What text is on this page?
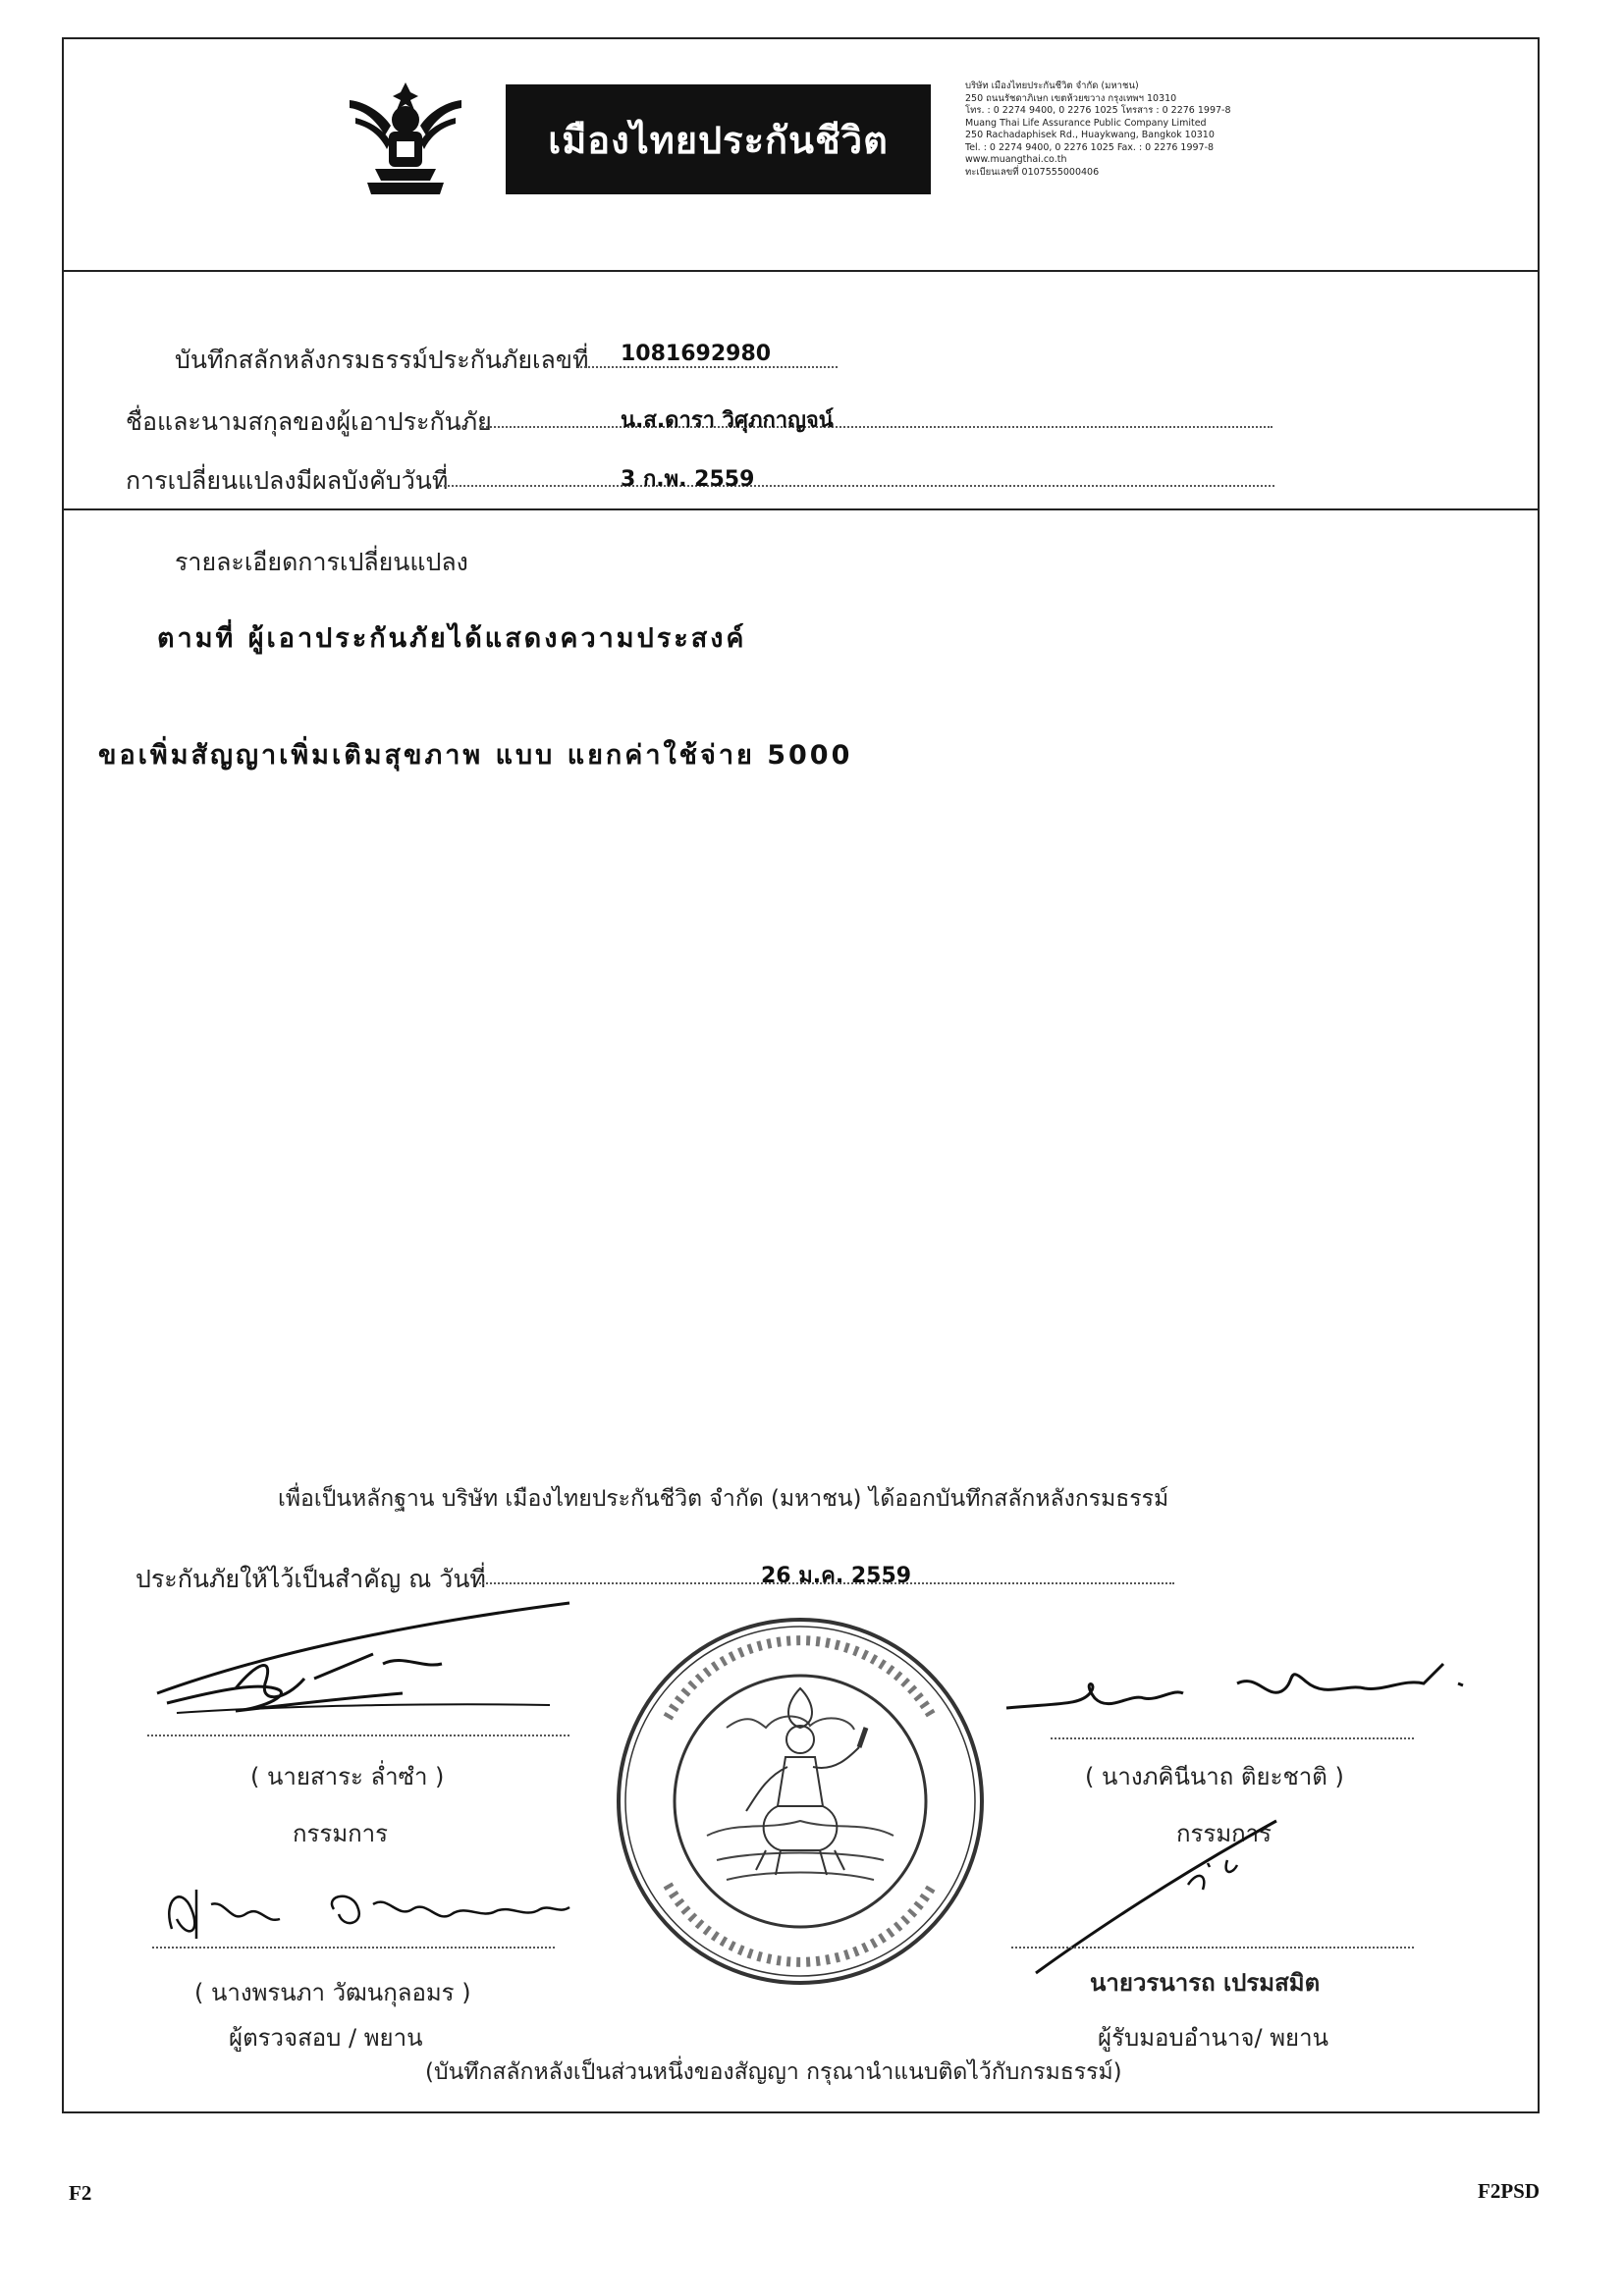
เมืองไทยประกันชีวิต
บริษัท เมืองไทยประกันชีวิต จำกัด (มหาชน)
250 ถนนรัชดาภิเษก เขตห้วยขวาง กรุงเทพฯ 10310
โทร. : 0 2274 9400, 0 2276 1025 โทรสาร : 0 2276 1997-8
Muang Thai Life Assurance Public Company Limited
250 Rachadaphisek Rd., Huaykwang, Bangkok 10310
Tel. : 0 2274 9400, 0 2276 1025 Fax. : 0 2276 1997-8
www.muangthai.co.th
ทะเบียนเลขที่ 0107555000406
บันทึกสลักหลังกรมธรรม์ประกันภัยเลขที่ 1081692980
ชื่อและนามสกุลของผู้เอาประกันภัย	น.ส.ดารา วิศุภกาญจน์
การเปลี่ยนแปลงมีผลบังคับวันที่	3 ก.พ. 2559
รายละเอียดการเปลี่ยนแปลง
ตามที่ ผู้เอาประกันภัยได้แสดงความประสงค์
ขอเพิ่มสัญญาเพิ่มเติมสุขภาพ แบบ แยกค่าใช้จ่าย 5000
เพื่อเป็นหลักฐาน บริษัท เมืองไทยประกันชีวิต จำกัด (มหาชน) ได้ออกบันทึกสลักหลังกรมธรรม์
ประกันภัยให้ไว้เป็นสำคัญ ณ วันที่	26 ม.ค. 2559
( นายสาระ ล่ำซำ )
กรรมการ
( นางภคินีนาถ ติยะชาติ )
กรรมการ
( นางพรนภา วัฒนกุลอมร )
ผู้ตรวจสอบ / พยาน
นายวรนารถ เปรมสมิต
ผู้รับมอบอำนาจ/ พยาน
(บันทึกสลักหลังเป็นส่วนหนึ่งของสัญญา กรุณานำแนบติดไว้กับกรมธรรม์)
F2	F2PSD
